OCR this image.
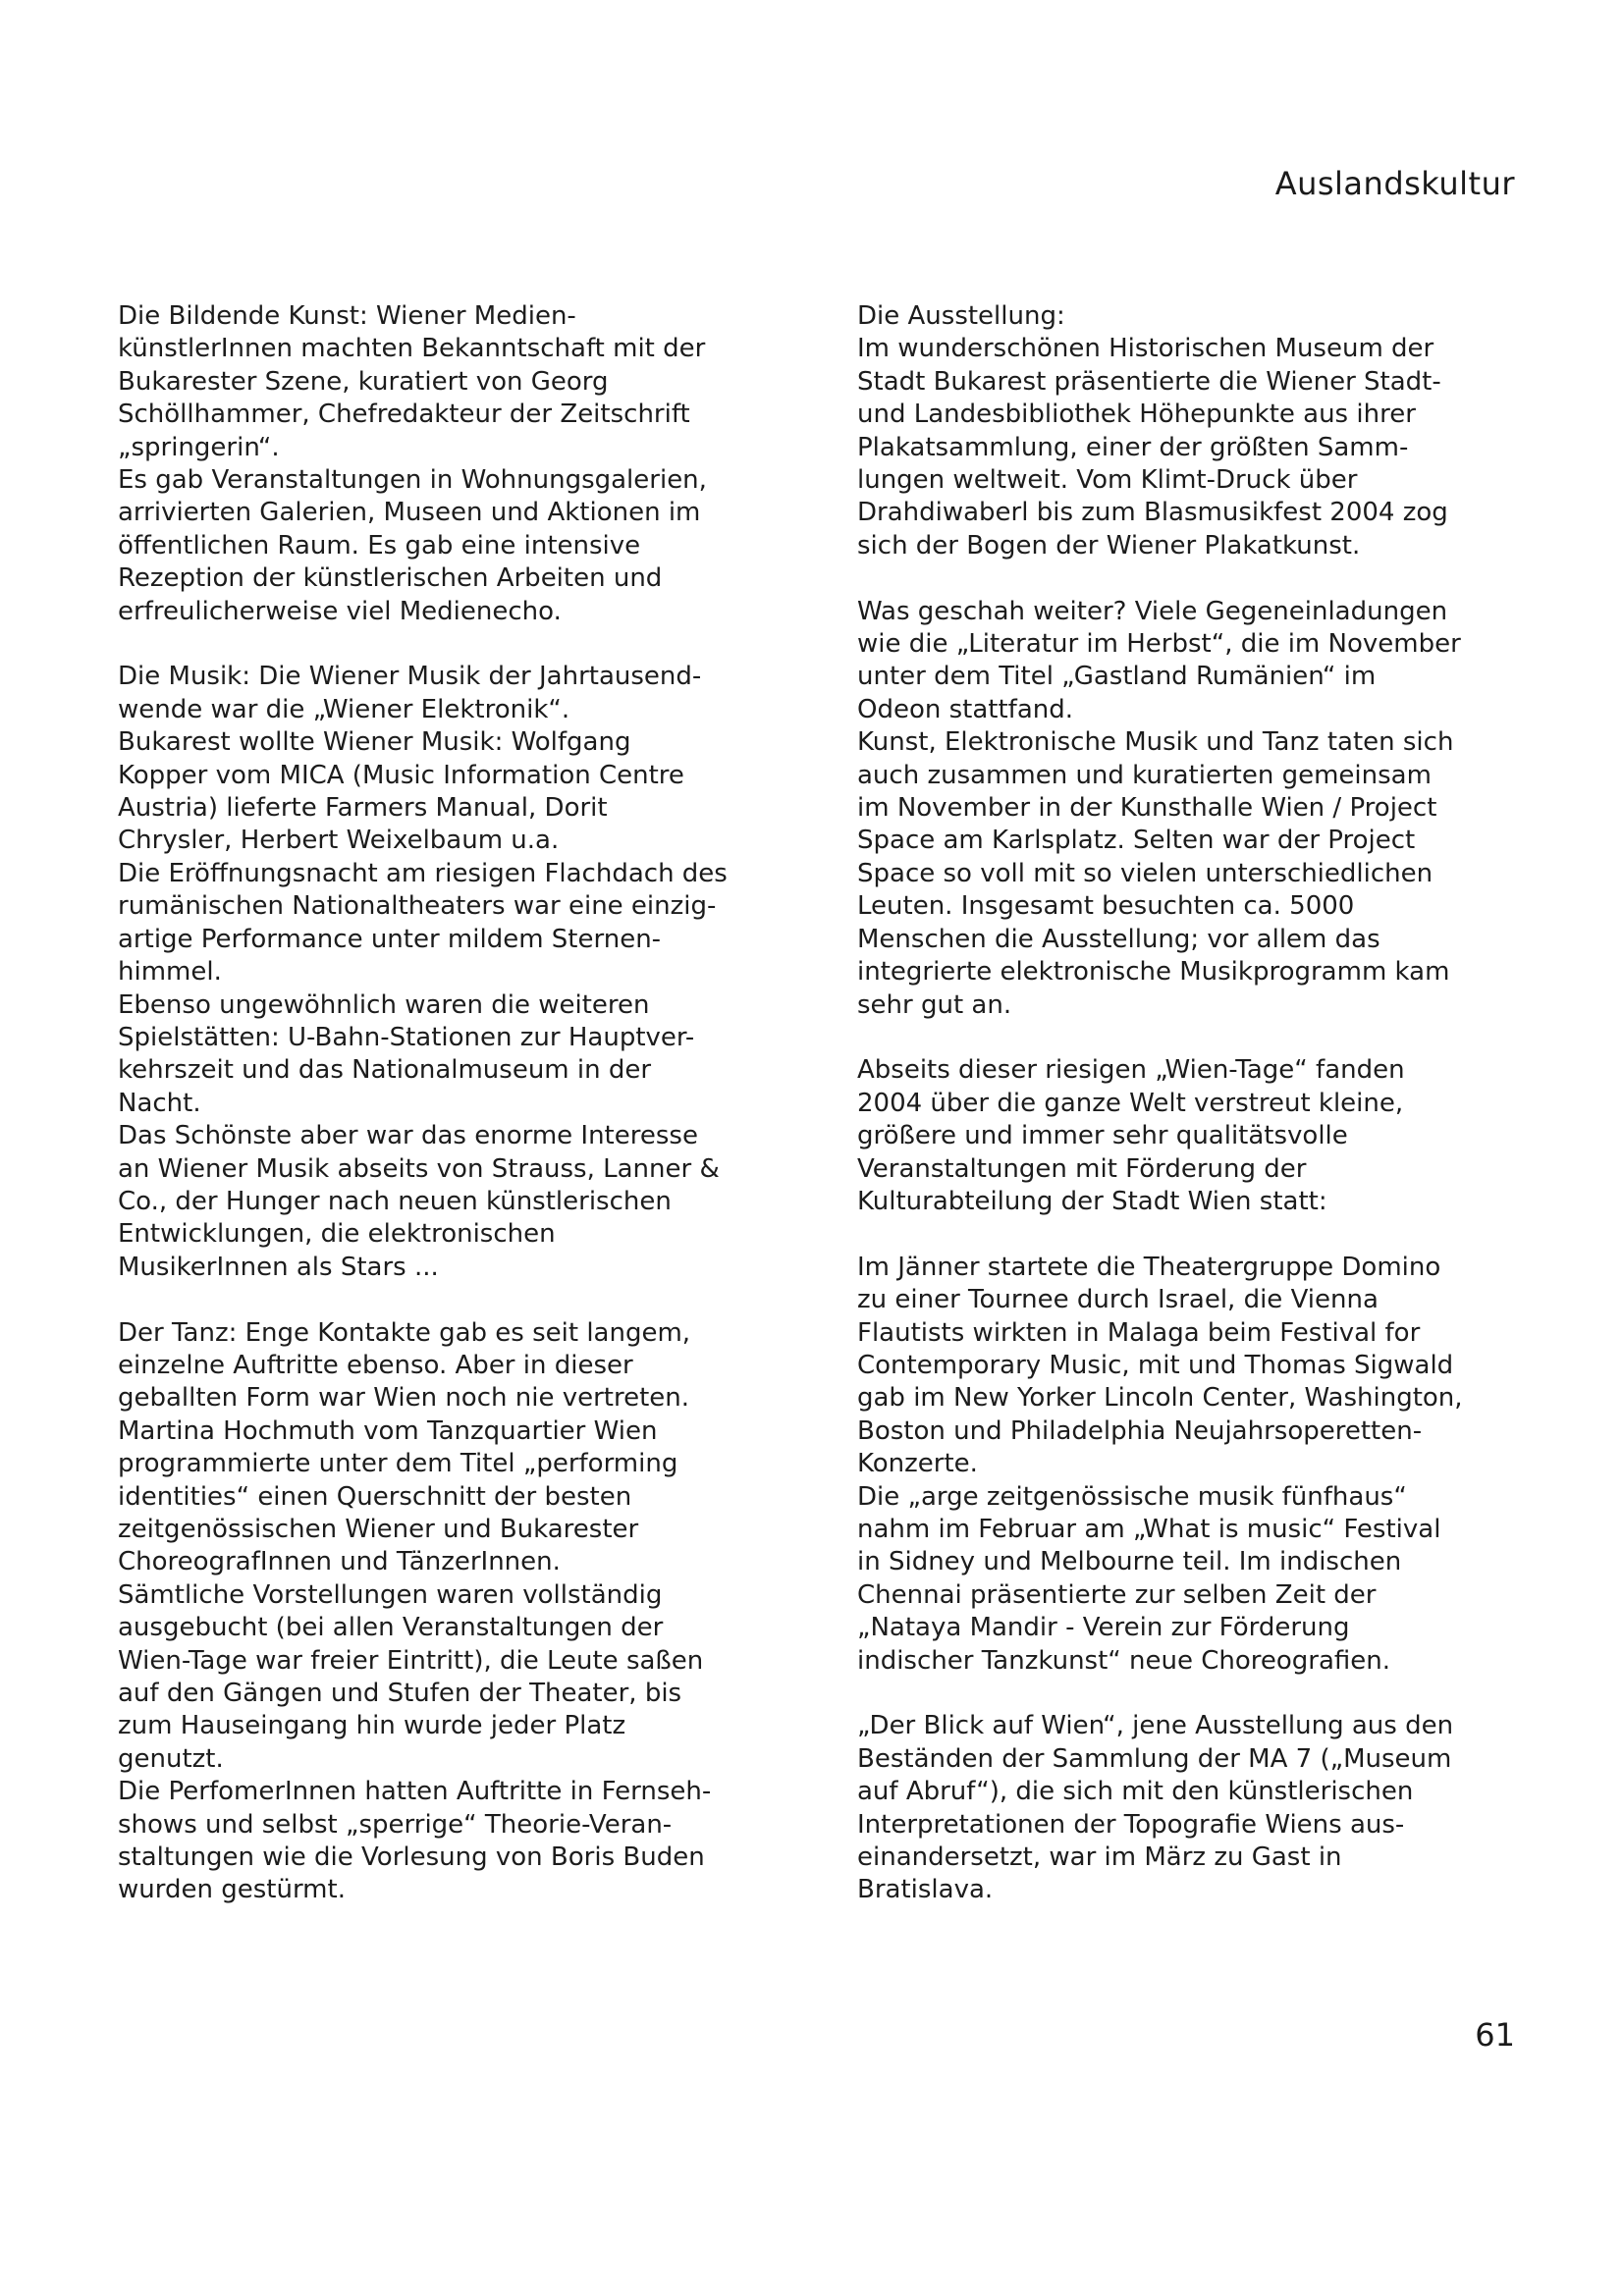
Auslandskultur
Die Bildende Kunst: Wiener Medien-
künstlerInnen machten Bekanntschaft mit der
Bukarester Szene, kuratiert von Georg
Schöllhammer, Chefredakteur der Zeitschrift
„springerin“.
Es gab Veranstaltungen in Wohnungsgalerien,
arrivierten Galerien, Museen und Aktionen im
öffentlichen Raum. Es gab eine intensive
Rezeption der künstlerischen Arbeiten und
erfreulicherweise viel Medienecho.
Die Musik: Die Wiener Musik der Jahrtausend-
wende war die „Wiener Elektronik“.
Bukarest wollte Wiener Musik: Wolfgang
Kopper vom MICA (Music Information Centre
Austria) lieferte Farmers Manual, Dorit
Chrysler, Herbert Weixelbaum u.a.
Die Eröffnungsnacht am riesigen Flachdach des
rumänischen Nationaltheaters war eine einzig-
artige Performance unter mildem Sternen-
himmel.
Ebenso ungewöhnlich waren die weiteren
Spielstätten: U-Bahn-Stationen zur Hauptver-
kehrszeit und das Nationalmuseum in der
Nacht.
Das Schönste aber war das enorme Interesse
an Wiener Musik abseits von Strauss, Lanner &
Co., der Hunger nach neuen künstlerischen
Entwicklungen, die elektronischen
MusikerInnen als Stars ...
Der Tanz: Enge Kontakte gab es seit langem,
einzelne Auftritte ebenso. Aber in dieser
geballten Form war Wien noch nie vertreten.
Martina Hochmuth vom Tanzquartier Wien
programmierte unter dem Titel „performing
identities“ einen Querschnitt der besten
zeitgenössischen Wiener und Bukarester
ChoreografInnen und TänzerInnen.
Sämtliche Vorstellungen waren vollständig
ausgebucht (bei allen Veranstaltungen der
Wien-Tage war freier Eintritt), die Leute saßen
auf den Gängen und Stufen der Theater, bis
zum Hauseingang hin wurde jeder Platz
genutzt.
Die PerfomerInnen hatten Auftritte in Fernseh-
shows und selbst „sperrige“ Theorie-Veran-
staltungen wie die Vorlesung von Boris Buden
wurden gestürmt.
Die Ausstellung:
Im wunderschönen Historischen Museum der
Stadt Bukarest präsentierte die Wiener Stadt-
und Landesbibliothek Höhepunkte aus ihrer
Plakatsammlung, einer der größten Samm-
lungen weltweit. Vom Klimt-Druck über
Drahdiwaberl bis zum Blasmusikfest 2004 zog
sich der Bogen der Wiener Plakatkunst.
Was geschah weiter? Viele Gegeneinladungen
wie die „Literatur im Herbst“, die im November
unter dem Titel „Gastland Rumänien“ im
Odeon stattfand.
Kunst, Elektronische Musik und Tanz taten sich
auch zusammen und kuratierten gemeinsam
im November in der Kunsthalle Wien / Project
Space am Karlsplatz. Selten war der Project
Space so voll mit so vielen unterschiedlichen
Leuten. Insgesamt besuchten ca. 5000
Menschen die Ausstellung; vor allem das
integrierte elektronische Musikprogramm kam
sehr gut an.
Abseits dieser riesigen „Wien-Tage“ fanden
2004 über die ganze Welt verstreut kleine,
größere und immer sehr qualitätsvolle
Veranstaltungen mit Förderung der
Kulturabteilung der Stadt Wien statt:
Im Jänner startete die Theatergruppe Domino
zu einer Tournee durch Israel, die Vienna
Flautists wirkten in Malaga beim Festival for
Contemporary Music, mit und Thomas Sigwald
gab im New Yorker Lincoln Center, Washington,
Boston und Philadelphia Neujahrsoperetten-
Konzerte.
Die „arge zeitgenössische musik fünfhaus“
nahm im Februar am „What is music“ Festival
in Sidney und Melbourne teil. Im indischen
Chennai präsentierte zur selben Zeit der
„Nataya Mandir - Verein zur Förderung
indischer Tanzkunst“ neue Choreografien.
„Der Blick auf Wien“, jene Ausstellung aus den
Beständen der Sammlung der MA 7 („Museum
auf Abruf“), die sich mit den künstlerischen
Interpretationen der Topografie Wiens aus-
einandersetzt, war im März zu Gast in
Bratislava.
61
